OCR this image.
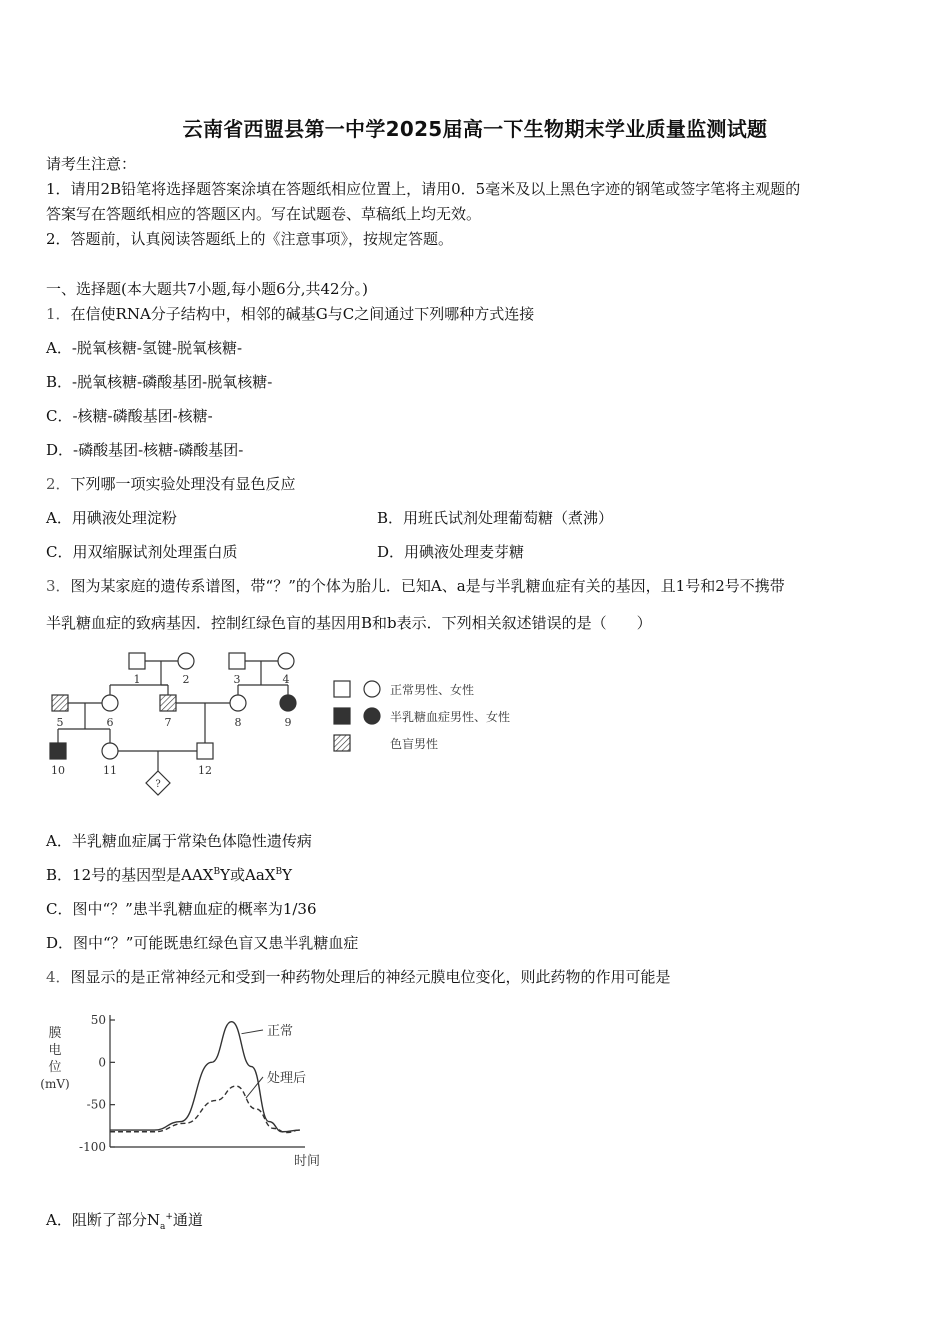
云南省西盟县第一中学2025届高一下生物期末学业质量监测试题
请考生注意：
1．请用2B铅笔将选择题答案涂填在答题纸相应位置上，请用0．5毫米及以上黑色字迹的钢笔或签字笔将主观题的
答案写在答题纸相应的答题区内。写在试题卷、草稿纸上均无效。
2．答题前，认真阅读答题纸上的《注意事项》，按规定答题。
一、选择题(本大题共7小题,每小题6分,共42分。)
1．在信使RNA分子结构中，相邻的碱基G与C之间通过下列哪种方式连接
A．-脱氧核糖-氢键-脱氧核糖-
B．-脱氧核糖-磷酸基团-脱氧核糖-
C．-核糖-磷酸基团-核糖-
D．-磷酸基团-核糖-磷酸基团-
2．下列哪一项实验处理没有显色反应
A．用碘液处理淀粉	B．用班氏试剂处理葡萄糖（煮沸）
C．用双缩脲试剂处理蛋白质	D．用碘液处理麦芽糖
3．图为某家庭的遗传系谱图，带“？”的个体为胎儿．已知A、a是与半乳糖血症有关的基因，且1号和2号不携带
半乳糖血症的致病基因．控制红绿色盲的基因用B和b表示．下列相关叙述错误的是（　　）
1	2	3	4
5	6	7	8	9
10	11	12
?
正常男性、女性
半乳糖血症男性、女性
色盲男性
A．半乳糖血症属于常染色体隐性遗传病
B．12号的基因型是$AAX^BY$或AaX$^B$Y
C．图中“？”患半乳糖血症的概率为1/36
D．图中“？”可能既患红绿色盲又患半乳糖血症
4．图显示的是正常神经元和受到一种药物处理后的神经元膜电位变化，则此药物的作用可能是
膜
电
位
(mV)
时间
50
0
-50
-100
正常
处理后
A．阻断了部分$N_a^+$通道
